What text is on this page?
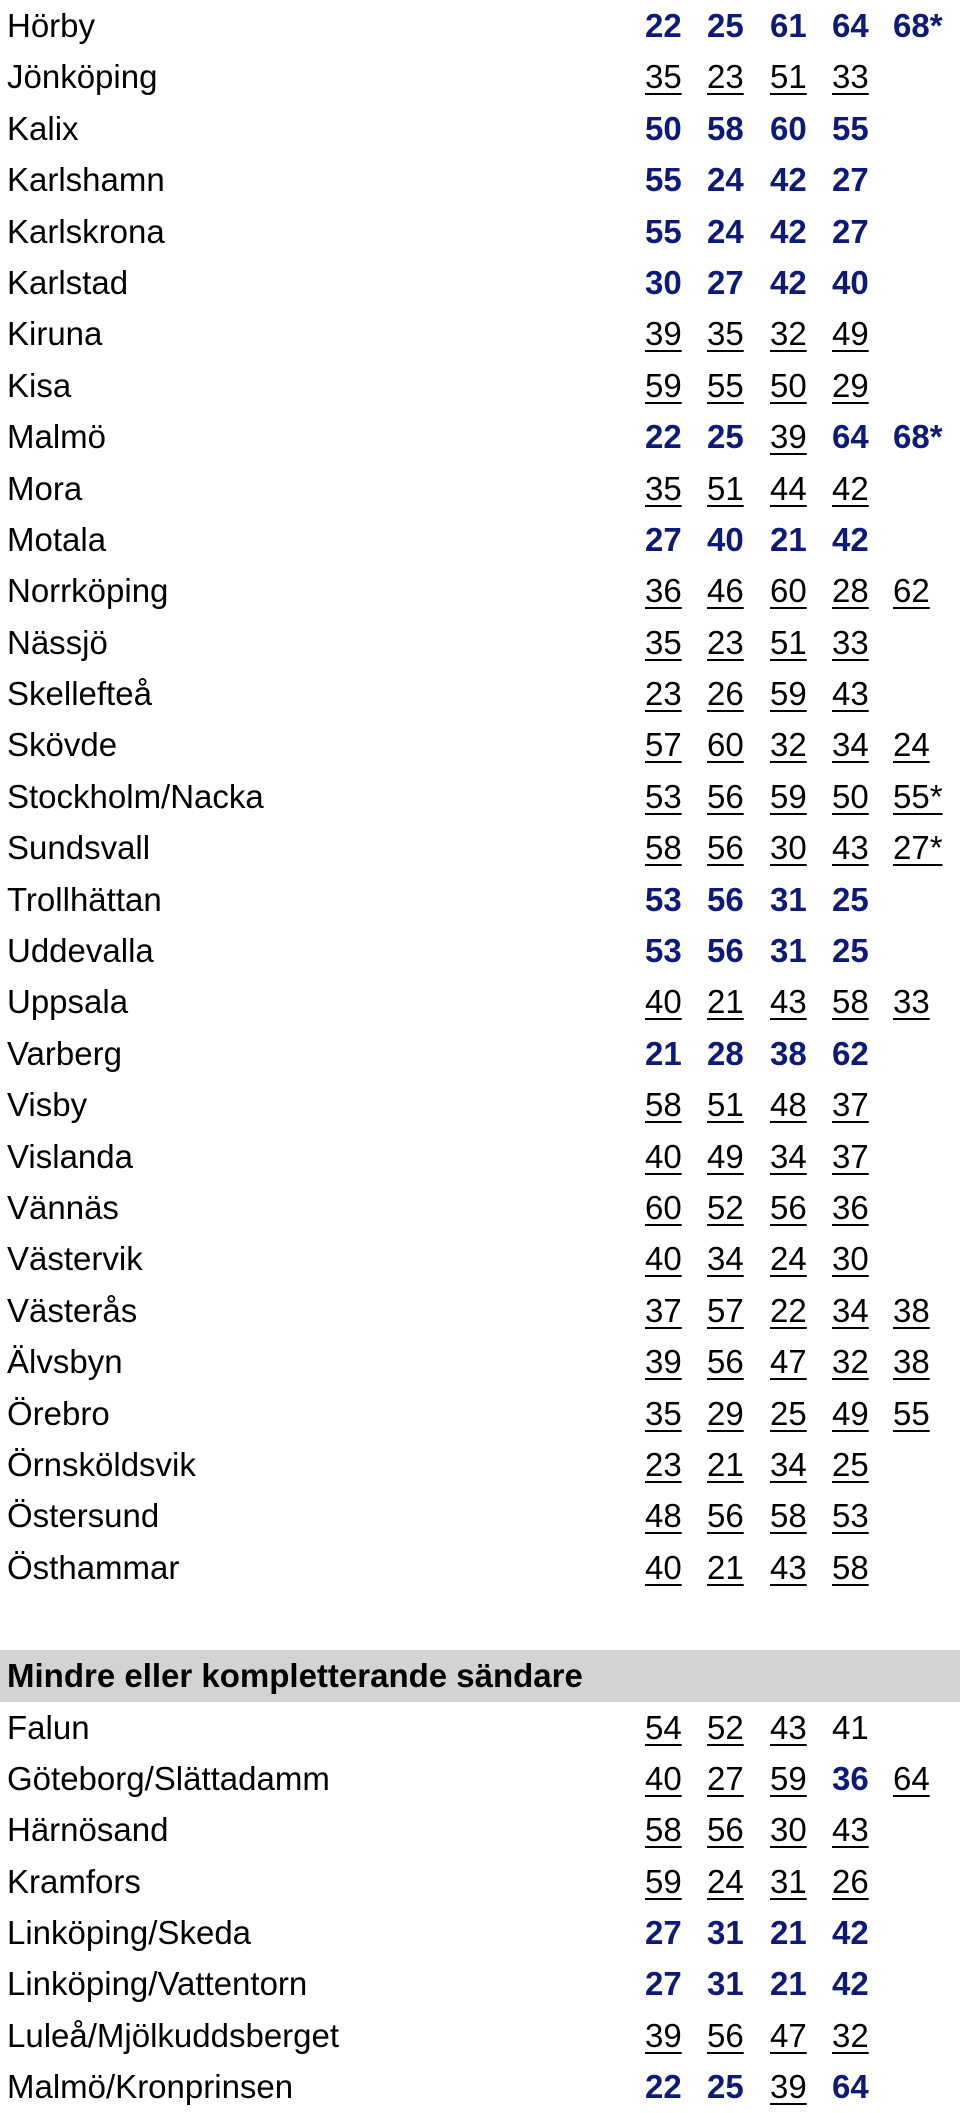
Hörby	22 25 61 64 68*
Jönköping	35 23 51 33
Kalix	50 58 60 55
Karlshamn	55 24 42 27
Karlskrona	55 24 42 27
Karlstad	30 27 42 40
Kiruna	39 35 32 49
Kisa	59 55 50 29
Malmö	22 25 39 64 68*
Mora	35 51 44 42
Motala	27 40 21 42
Norrköping	36 46 60 28 62
Nässjö	35 23 51 33
Skellefteå	23 26 59 43
Skövde	57 60 32 34 24
Stockholm/Nacka	53 56 59 50 55*
Sundsvall	58 56 30 43 27*
Trollhättan	53 56 31 25
Uddevalla	53 56 31 25
Uppsala	40 21 43 58 33
Varberg	21 28 38 62
Visby	58 51 48 37
Vislanda	40 49 34 37
Vännäs	60 52 56 36
Västervik	40 34 24 30
Västerås	37 57 22 34 38
Älvsbyn	39 56 47 32 38
Örebro	35 29 25 49 55
Örnsköldsvik	23 21 34 25
Östersund	48 56 58 53
Östhammar	40 21 43 58
Mindre eller kompletterande sändare
Falun	54 52 43 41
Göteborg/Slättadamm	40 27 59 36 64
Härnösand	58 56 30 43
Kramfors	59 24 31 26
Linköping/Skeda	27 31 21 42
Linköping/Vattentorn	27 31 21 42
Luleå/Mjölkuddsberget	39 56 47 32
Malmö/Kronprinsen	22 25 39 64
